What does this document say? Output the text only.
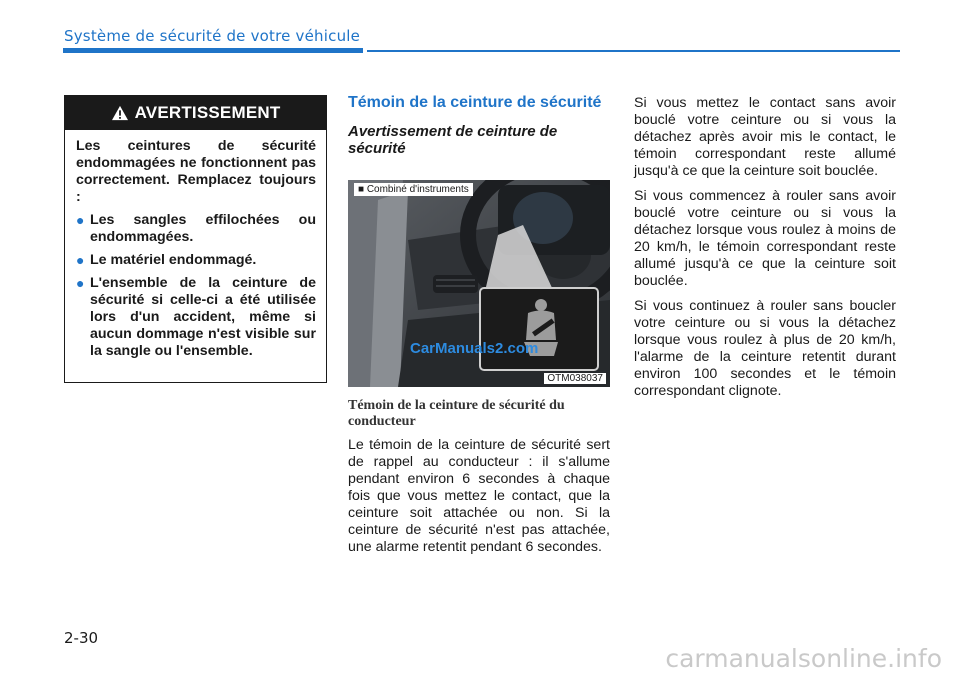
Système de sécurité de votre véhicule
AVERTISSEMENT

Les ceintures de sécurité endommagées ne fonctionnent pas correctement. Remplacez toujours :

● Les sangles effilochées ou endommagées.
● Le matériel endommagé.
● L'ensemble de la ceinture de sécurité si celle-ci a été utilisée lors d'un accident, même si aucun dommage n'est visible sur la sangle ou l'ensemble.
Témoin de la ceinture de sécurité
Avertissement de ceinture de sécurité
■ Combiné d'instruments
CarManuals2.com
OTM038037
Témoin de la ceinture de sécurité du conducteur

Le témoin de la ceinture de sécurité sert de rappel au conducteur : il s'allume pendant environ 6 secondes à chaque fois que vous mettez le contact, que la ceinture soit attachée ou non. Si la ceinture de sécurité n'est pas attachée, une alarme retentit pendant 6 secondes.

Si vous mettez le contact sans avoir bouclé votre ceinture ou si vous la détachez après avoir mis le contact, le témoin correspondant reste allumé jusqu'à ce que la ceinture soit bouclée.

Si vous commencez à rouler sans avoir bouclé votre ceinture ou si vous la détachez lorsque vous roulez à moins de 20 km/h, le témoin correspondant reste allumé jusqu'à ce que la ceinture soit bouclée.

Si vous continuez à rouler sans boucler votre ceinture ou si vous la détachez lorsque vous roulez à plus de 20 km/h, l'alarme de la ceinture retentit durant environ 100 secondes et le témoin correspondant clignote.

2-30
carmanualsonline.info
